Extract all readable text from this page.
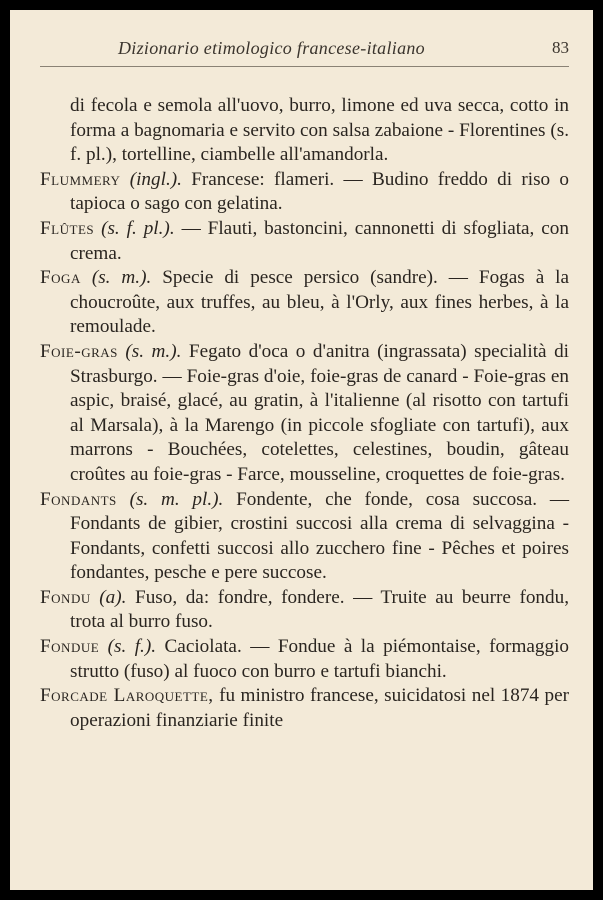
Dizionario etimologico francese-italiano	83

di fecola e semola all'uovo, burro, limone ed uva secca, cotto in forma a bagnomaria e servito con salsa zabaione - Florentines (s. f. pl.), tortelline, ciambelle all'amandorla.

Flummery (ingl.). Francese: flameri. — Budino freddo di riso o tapioca o sago con gelatina.

Flûtes (s. f. pl.). — Flauti, bastoncini, cannonetti di sfogliata, con crema.

Foga (s. m.). Specie di pesce persico (sandre). — Fogas à la choucroûte, aux truffes, au bleu, à l'Orly, aux fines herbes, à la remoulade.

Foie-gras (s. m.). Fegato d'oca o d'anitra (ingrassata) specialità di Strasburgo. — Foie-gras d'oie, foie-gras de canard - Foie-gras en aspic, braisé, glacé, au gratin, à l'italienne (al risotto con tartufi al Marsala), à la Marengo (in piccole sfogliate con tartufi), aux marrons - Bouchées, cotelettes, celestines, boudin, gâteau croûtes au foie-gras - Farce, mousseline, croquettes de foie-gras.

Fondants (s. m. pl.). Fondente, che fonde, cosa succosa. — Fondants de gibier, crostini succosi alla crema di selvaggina - Fondants, confetti succosi allo zucchero fine - Pêches et poires fondantes, pesche e pere succose.

Fondu (a). Fuso, da: fondre, fondere. — Truite au beurre fondu, trota al burro fuso.

Fondue (s. f.). Caciolata. — Fondue à la piémontaise, formaggio strutto (fuso) al fuoco con burro e tartufi bianchi.

Forcade Laroquette, fu ministro francese, suicidatosi nel 1874 per operazioni finanziarie finite
